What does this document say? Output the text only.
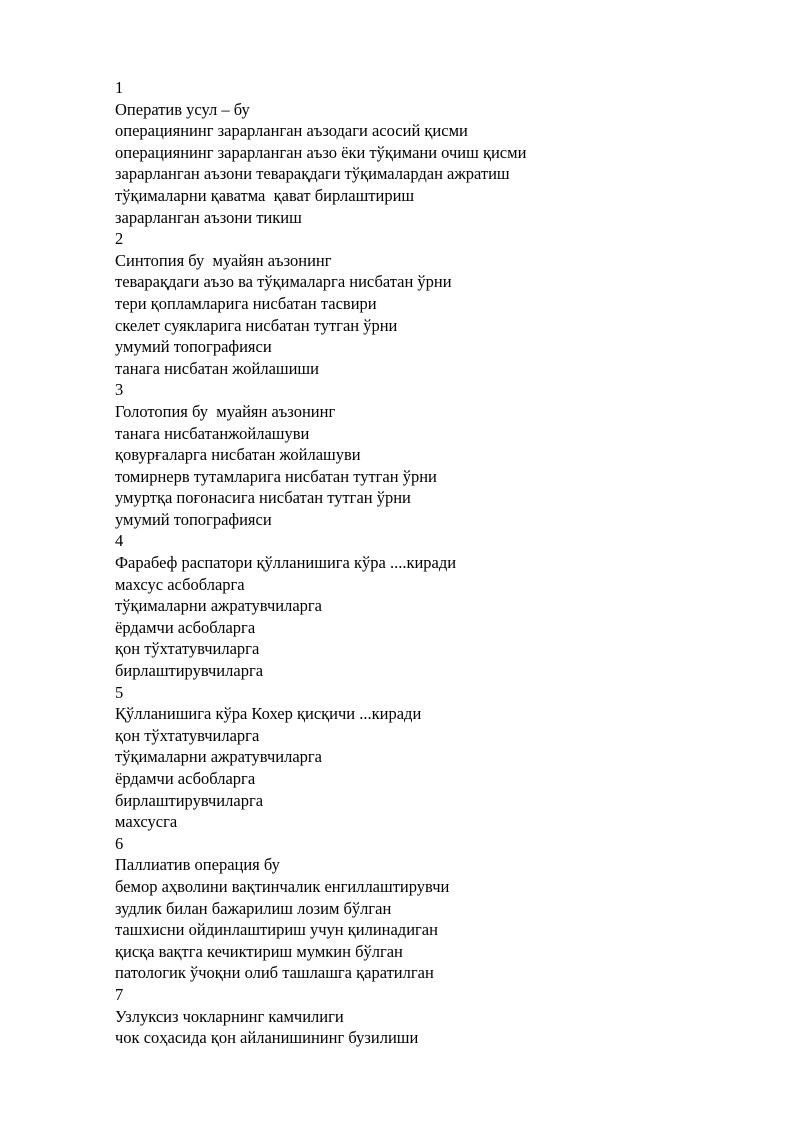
1
Оператив усул – бу
операциянинг зарарланган аъзодаги асосий қисми
операциянинг зарарланган аъзо ёки тўқимани очиш қисми
зарарланган аъзони теварақдаги тўқималардан ажратиш
тўқималарни қаватма  қават бирлаштириш
зарарланган аъзони тикиш
2
Синтопия бу  муайян аъзонинг
теварақдаги аъзо ва тўқималарга нисбатан ўрни
тери қопламларига нисбатан тасвири
скелет суякларига нисбатан тутган ўрни
умумий топографияси
танага нисбатан жойлашиши
3
Голотопия бу  муайян аъзонинг
танага нисбатанжойлашуви
қовурғаларга нисбатан жойлашуви
томирнерв тутамларига нисбатан тутган ўрни
умуртқа поғонасига нисбатан тутган ўрни
умумий топографияси
4
Фарабеф распатори қўлланишига кўра ....киради
махсус асбобларга
тўқималарни ажратувчиларга
ёрдамчи асбобларга
қон тўхтатувчиларга
бирлаштирувчиларга
5
Қўлланишига кўра Кохер қисқичи ...киради
қон тўхтатувчиларга
тўқималарни ажратувчиларга
ёрдамчи асбобларга
бирлаштирувчиларга
махсусга
6
Паллиатив операция бу
бемор аҳволини вақтинчалик енгиллаштирувчи
зудлик билан бажарилиш лозим бўлган
ташхисни ойдинлаштириш учун қилинадиган
қисқа вақтга кечиктириш мумкин бўлган
патологик ўчоқни олиб ташлашга қаратилган
7
Узлуксиз чокларнинг камчилиги
чок соҳасида қон айланишининг бузилиши
